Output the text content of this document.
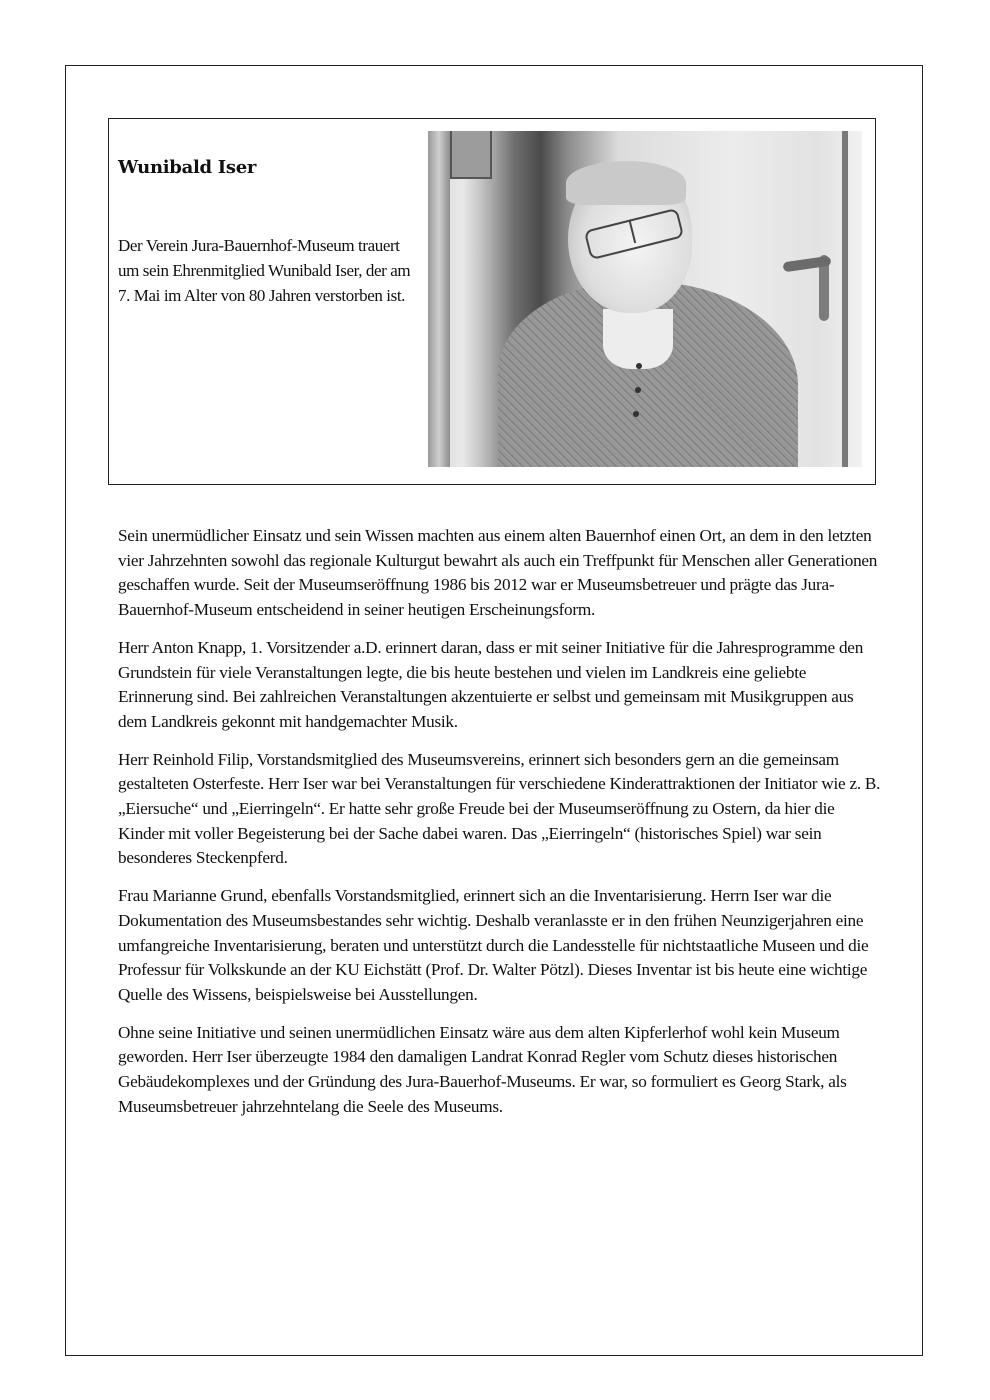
Wunibald Iser

Der Verein Jura-Bauernhof-Museum trauert um sein Ehrenmitglied Wunibald Iser, der am 7. Mai im Alter von 80 Jahren verstorben ist.

Sein unermüdlicher Einsatz und sein Wissen machten aus einem alten Bauernhof einen Ort, an dem in den letzten vier Jahrzehnten sowohl das regionale Kulturgut bewahrt als auch ein Treffpunkt für Menschen aller Generationen geschaffen wurde. Seit der Museumseröffnung 1986 bis 2012 war er Museumsbetreuer und prägte das Jura-Bauernhof-Museum entscheidend in seiner heutigen Erscheinungsform.

Herr Anton Knapp, 1. Vorsitzender a.D. erinnert daran, dass er mit seiner Initiative für die Jahresprogramme den Grundstein für viele Veranstaltungen legte, die bis heute bestehen und vielen im Landkreis eine geliebte Erinnerung sind. Bei zahlreichen Veranstaltungen akzentuierte er selbst und gemeinsam mit Musikgruppen aus dem Landkreis gekonnt mit handgemachter Musik.

Herr Reinhold Filip, Vorstandsmitglied des Museumsvereins, erinnert sich besonders gern an die gemeinsam gestalteten Osterfeste. Herr Iser war bei Veranstaltungen für verschiedene Kinderattraktionen der Initiator wie z. B. „Eiersuche“ und „Eierringeln“. Er hatte sehr große Freude bei der Museumseröffnung zu Ostern, da hier die Kinder mit voller Begeisterung bei der Sache dabei waren. Das „Eierringeln“ (historisches Spiel) war sein besonderes Steckenpferd.

Frau Marianne Grund, ebenfalls Vorstandsmitglied, erinnert sich an die Inventarisierung. Herrn Iser war die Dokumentation des Museumsbestandes sehr wichtig. Deshalb veranlasste er in den frühen Neunzigerjahren eine umfangreiche Inventarisierung, beraten und unterstützt durch die Landesstelle für nichtstaatliche Museen und die Professur für Volkskunde an der KU Eichstätt (Prof. Dr. Walter Pötzl). Dieses Inventar ist bis heute eine wichtige Quelle des Wissens, beispielsweise bei Ausstellungen.

Ohne seine Initiative und seinen unermüdlichen Einsatz wäre aus dem alten Kipferlerhof wohl kein Museum geworden. Herr Iser überzeugte 1984 den damaligen Landrat Konrad Regler vom Schutz dieses historischen Gebäudekomplexes und der Gründung des Jura-Bauerhof-Museums. Er war, so formuliert es Georg Stark, als Museumsbetreuer jahrzehntelang die Seele des Museums.
